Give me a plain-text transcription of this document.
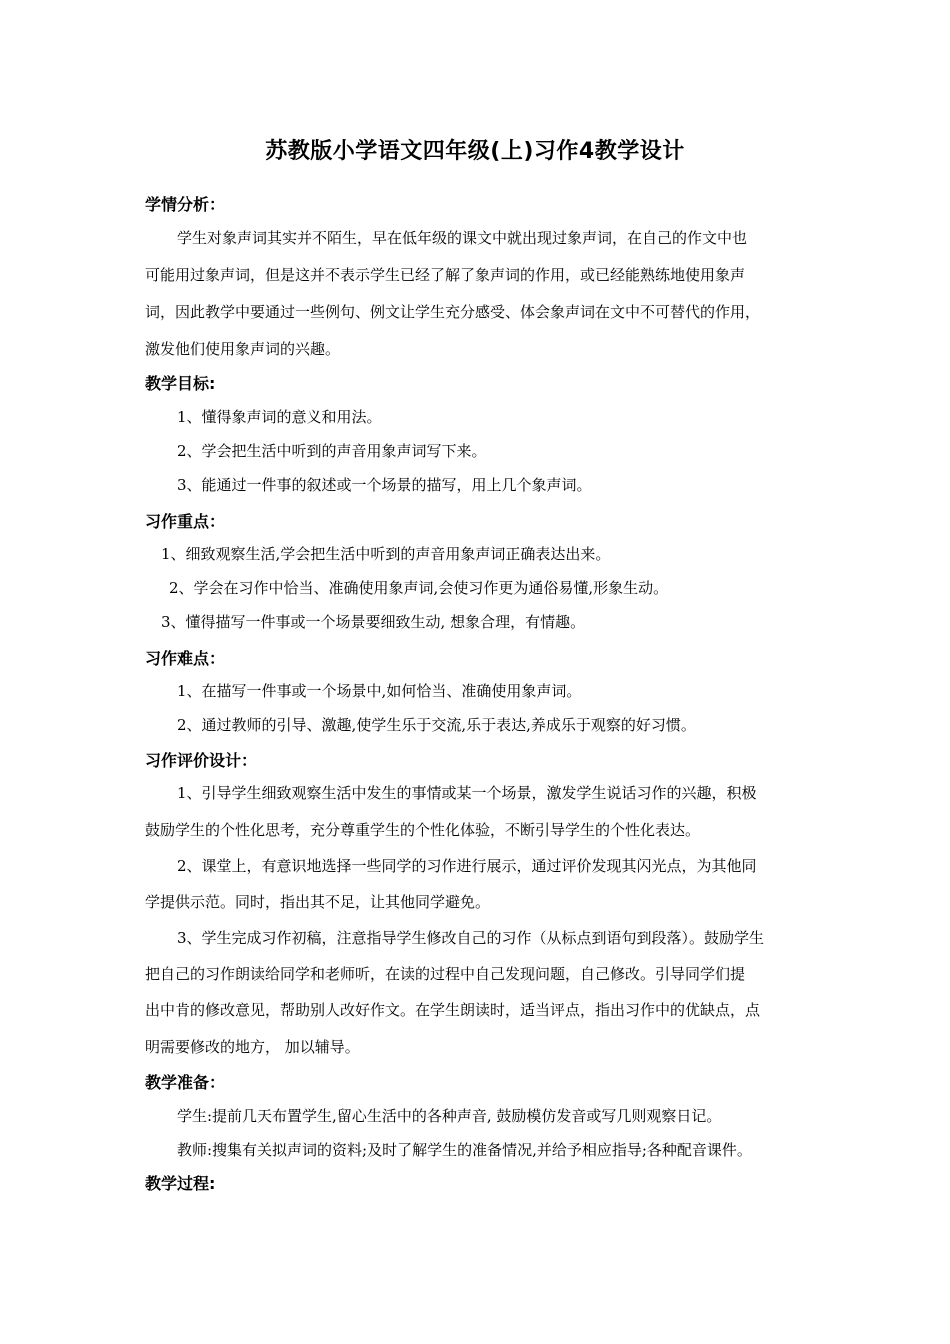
苏教版小学语文四年级(上)习作4教学设计
学情分析：
学生对象声词其实并不陌生，早在低年级的课文中就出现过象声词，在自己的作文中也
可能用过象声词，但是这并不表示学生已经了解了象声词的作用，或已经能熟练地使用象声
词，因此教学中要通过一些例句、例文让学生充分感受、体会象声词在文中不可替代的作用，
激发他们使用象声词的兴趣。
教学目标:
1、懂得象声词的意义和用法。
2、学会把生活中听到的声音用象声词写下来。
3、能通过一件事的叙述或一个场景的描写，用上几个象声词。
习作重点：
1、细致观察生活,学会把生活中听到的声音用象声词正确表达出来。
2、学会在习作中恰当、准确使用象声词,会使习作更为通俗易懂,形象生动。
3、懂得描写一件事或一个场景要细致生动, 想象合理，有情趣。
习作难点：
1、在描写一件事或一个场景中,如何恰当、准确使用象声词。
2、通过教师的引导、激趣,使学生乐于交流,乐于表达,养成乐于观察的好习惯。
习作评价设计：
1、引导学生细致观察生活中发生的事情或某一个场景，激发学生说话习作的兴趣，积极
鼓励学生的个性化思考，充分尊重学生的个性化体验，不断引导学生的个性化表达。
2、课堂上，有意识地选择一些同学的习作进行展示，通过评价发现其闪光点，为其他同
学提供示范。同时，指出其不足，让其他同学避免。
3、学生完成习作初稿，注意指导学生修改自己的习作（从标点到语句到段落）。鼓励学生
把自己的习作朗读给同学和老师听，在读的过程中自己发现问题，自己修改。引导同学们提
出中肯的修改意见，帮助别人改好作文。在学生朗读时，适当评点，指出习作中的优缺点，点
明需要修改的地方， 加以辅导。
教学准备：
学生:提前几天布置学生,留心生活中的各种声音, 鼓励模仿发音或写几则观察日记。
教师:搜集有关拟声词的资料;及时了解学生的准备情况,并给予相应指导;各种配音课件。
教学过程:
